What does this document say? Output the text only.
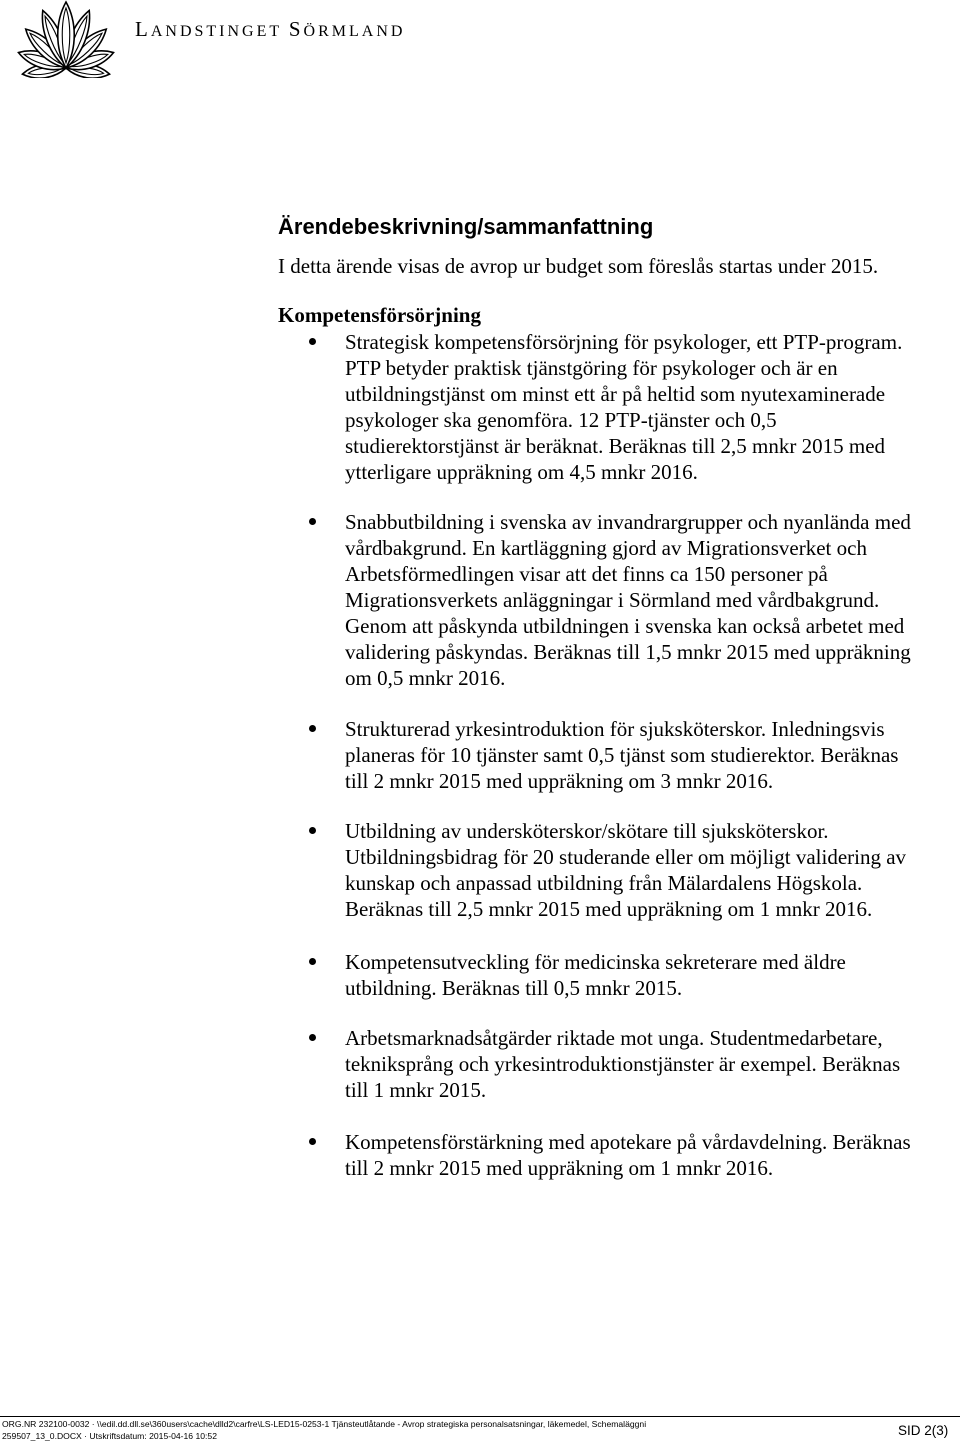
LANDSTINGET SÖRMLAND
Ärendebeskrivning/sammanfattning

I detta ärende visas de avrop ur budget som föreslås startas under 2015.

Kompetensförsörjning
Strategisk kompetensförsörjning för psykologer, ett PTP-program.
PTP betyder praktisk tjänstgöring för psykologer och är en
utbildningstjänst om minst ett år på heltid som nyutexaminerade
psykologer ska genomföra. 12 PTP-tjänster och 0,5
studierektorstjänst är beräknat. Beräknas till 2,5 mnkr 2015 med
ytterligare uppräkning om 4,5 mnkr 2016.
Snabbutbildning i svenska av invandrargrupper och nyanlända med
vårdbakgrund. En kartläggning gjord av Migrationsverket och
Arbetsförmedlingen visar att det finns ca 150 personer på
Migrationsverkets anläggningar i Sörmland med vårdbakgrund.
Genom att påskynda utbildningen i svenska kan också arbetet med
validering påskyndas. Beräknas till 1,5 mnkr 2015 med uppräkning
om 0,5 mnkr 2016.
Strukturerad yrkesintroduktion för sjuksköterskor. Inledningsvis
planeras för 10 tjänster samt 0,5 tjänst som studierektor. Beräknas
till 2 mnkr 2015 med uppräkning om 3 mnkr 2016.
Utbildning av undersköterskor/skötare till sjuksköterskor.
Utbildningsbidrag för 20 studerande eller om möjligt validering av
kunskap och anpassad utbildning från Mälardalens Högskola.
Beräknas till 2,5 mnkr 2015 med uppräkning om 1 mnkr 2016.
Kompetensutveckling för medicinska sekreterare med äldre
utbildning. Beräknas till 0,5 mnkr 2015.
Arbetsmarknadsåtgärder riktade mot unga. Studentmedarbetare,
tekniksprång och yrkesintroduktionstjänster är exempel. Beräknas
till 1 mnkr 2015.
Kompetensförstärkning med apotekare på vårdavdelning. Beräknas
till 2 mnkr 2015 med uppräkning om 1 mnkr 2016.
ORG.NR 232100-0032 · \\edil.dd.dll.se\360users\cache\dlld2\carfre\LS-LED15-0253-1 Tjänsteutlåtande - Avrop strategiska personalsatsningar, läkemedel, Schemaläggni
259507_13_0.DOCX · Utskriftsdatum: 2015-04-16 10:52	SID 2(3)
